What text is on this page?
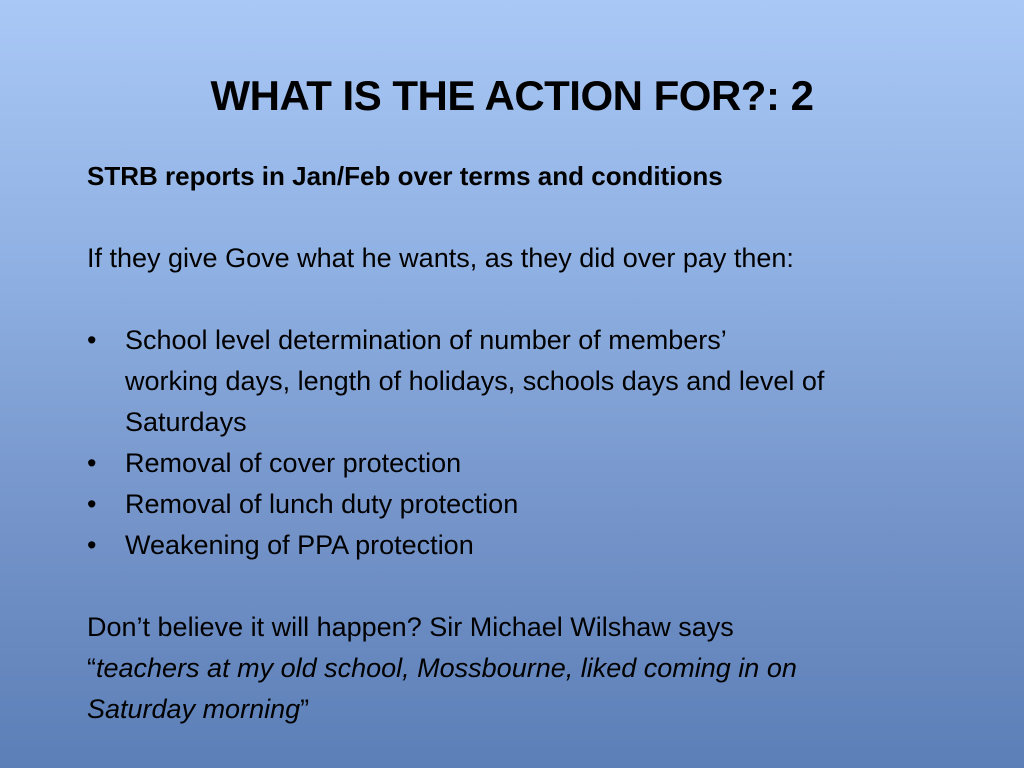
WHAT IS THE ACTION FOR?: 2

STRB reports in Jan/Feb over terms and conditions

If they give Gove what he wants, as they did over pay then:

• School level determination of number of members’
working days, length of holidays, schools days and level of
Saturdays
• Removal of cover protection
• Removal of lunch duty protection
• Weakening of PPA protection

Don’t believe it will happen? Sir Michael Wilshaw says

“teachers at my old school, Mossbourne, liked coming in on

Saturday morning”
